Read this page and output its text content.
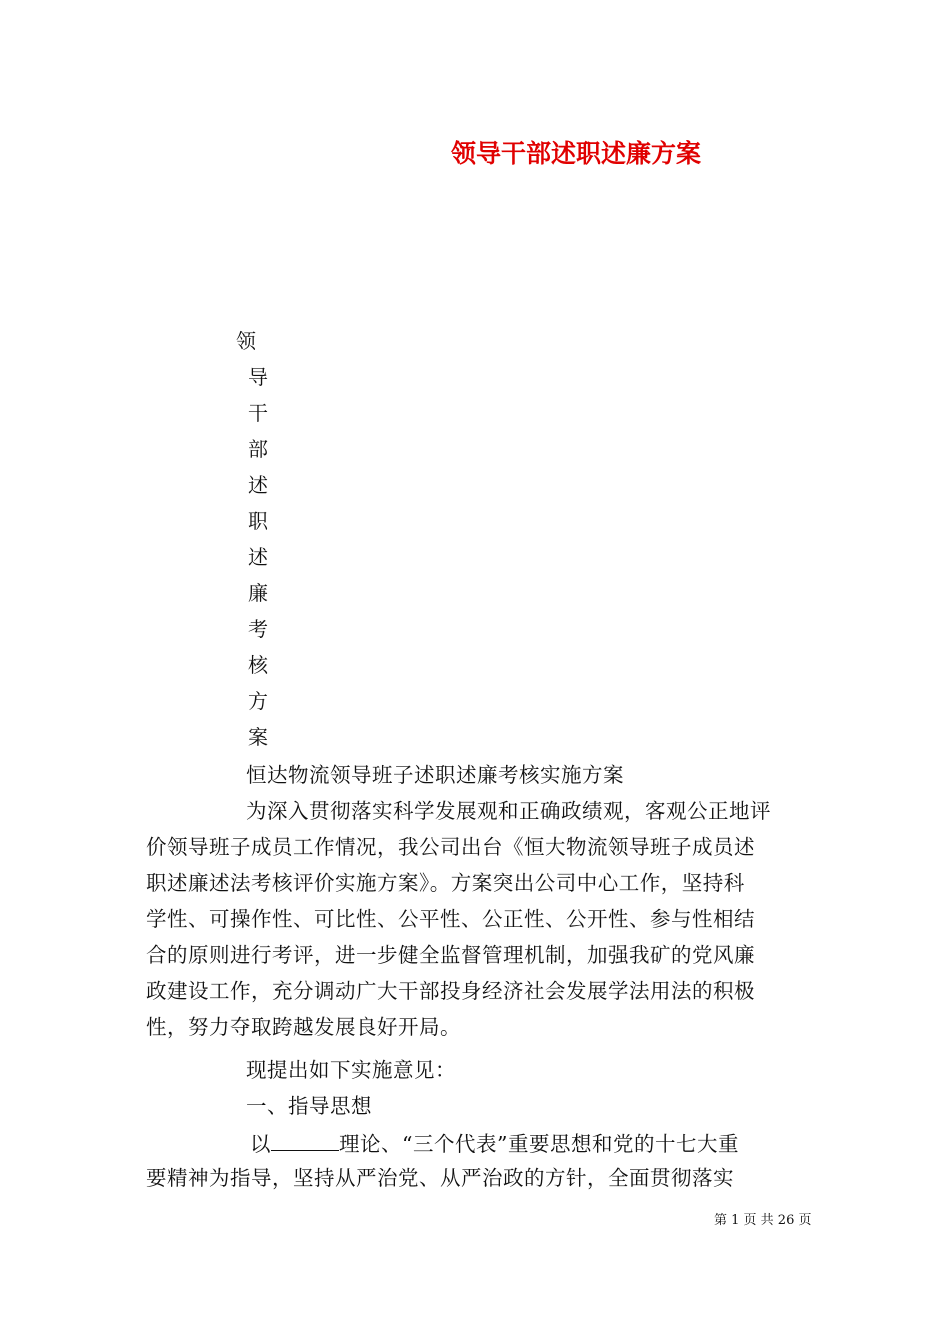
领导干部述职述廉方案
领
导
干
部
述
职
述
廉
考
核
方
案
恒达物流领导班子述职述廉考核实施方案
为深入贯彻落实科学发展观和正确政绩观，客观公正地评
价领导班子成员工作情况，我公司出台《恒大物流领导班子成员述
职述廉述法考核评价实施方案》。方案突出公司中心工作，坚持科
学性、可操作性、可比性、公平性、公正性、公开性、参与性相结
合的原则进行考评，进一步健全监督管理机制，加强我矿的党风廉
政建设工作，充分调动广大干部投身经济社会发展学法用法的积极
性，努力夺取跨越发展良好开局。
现提出如下实施意见：
一、指导思想
以	理论、“三个代表”重要思想和党的十七大重
要精神为指导，坚持从严治党、从严治政的方针，全面贯彻落实
第 1 页 共 26 页
